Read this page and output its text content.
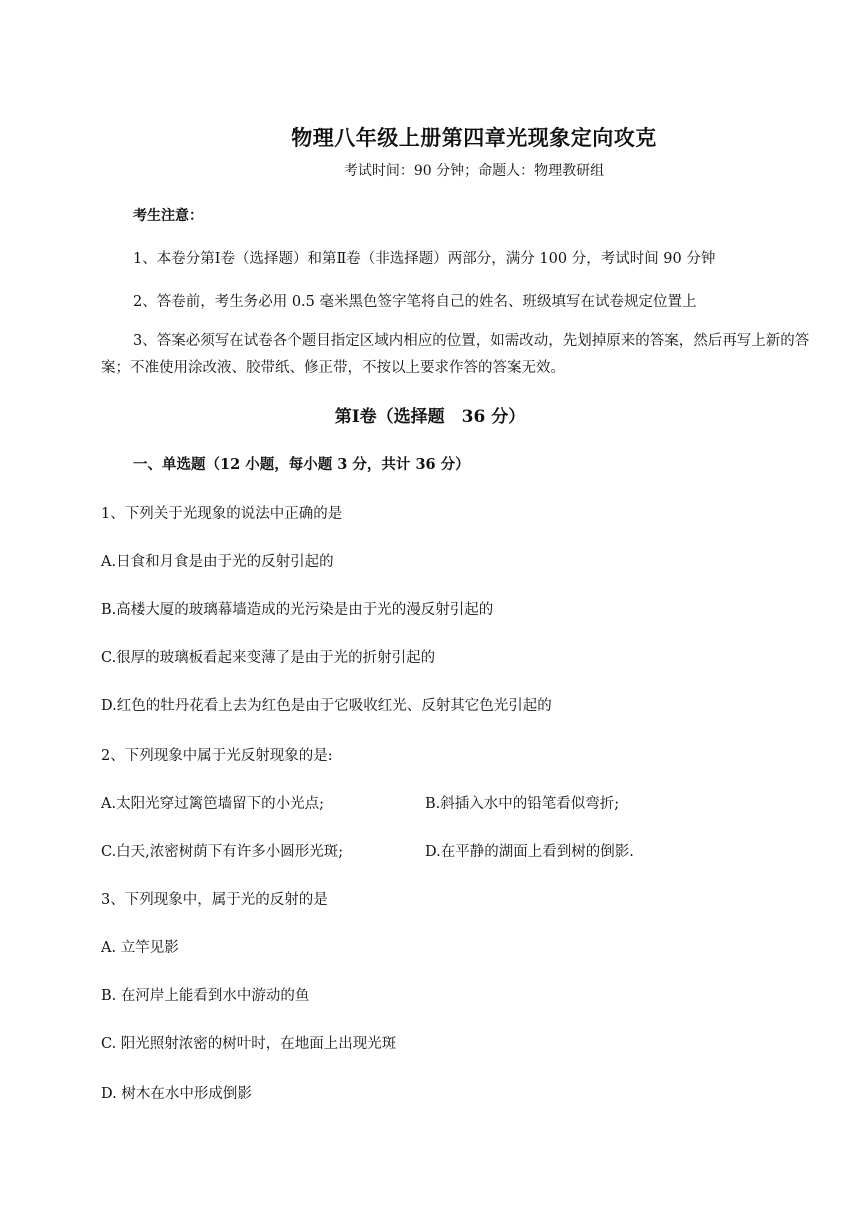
物理八年级上册第四章光现象定向攻克
考试时间：90 分钟；命题人：物理教研组
考生注意：
1、本卷分第Ⅰ卷（选择题）和第Ⅱ卷（非选择题）两部分，满分 100 分，考试时间 90 分钟
2、答卷前，考生务必用 0.5 毫米黑色签字笔将自己的姓名、班级填写在试卷规定位置上
3、答案必须写在试卷各个题目指定区域内相应的位置，如需改动，先划掉原来的答案，然后再写上新的答案；不准使用涂改液、胶带纸、修正带，不按以上要求作答的答案无效。
第Ⅰ卷（选择题　36 分）
一、单选题（12 小题，每小题 3 分，共计 36 分）
1、下列关于光现象的说法中正确的是
A.日食和月食是由于光的反射引起的
B.高楼大厦的玻璃幕墙造成的光污染是由于光的漫反射引起的
C.很厚的玻璃板看起来变薄了是由于光的折射引起的
D.红色的牡丹花看上去为红色是由于它吸收红光、反射其它色光引起的
2、下列现象中属于光反射现象的是:
A.太阳光穿过篱笆墙留下的小光点;	B.斜插入水中的铅笔看似弯折;
C.白天,浓密树荫下有许多小圆形光斑;	D.在平静的湖面上看到树的倒影.
3、下列现象中，属于光的反射的是
A. 立竿见影
B. 在河岸上能看到水中游动的鱼
C. 阳光照射浓密的树叶时，在地面上出现光斑
D. 树木在水中形成倒影
